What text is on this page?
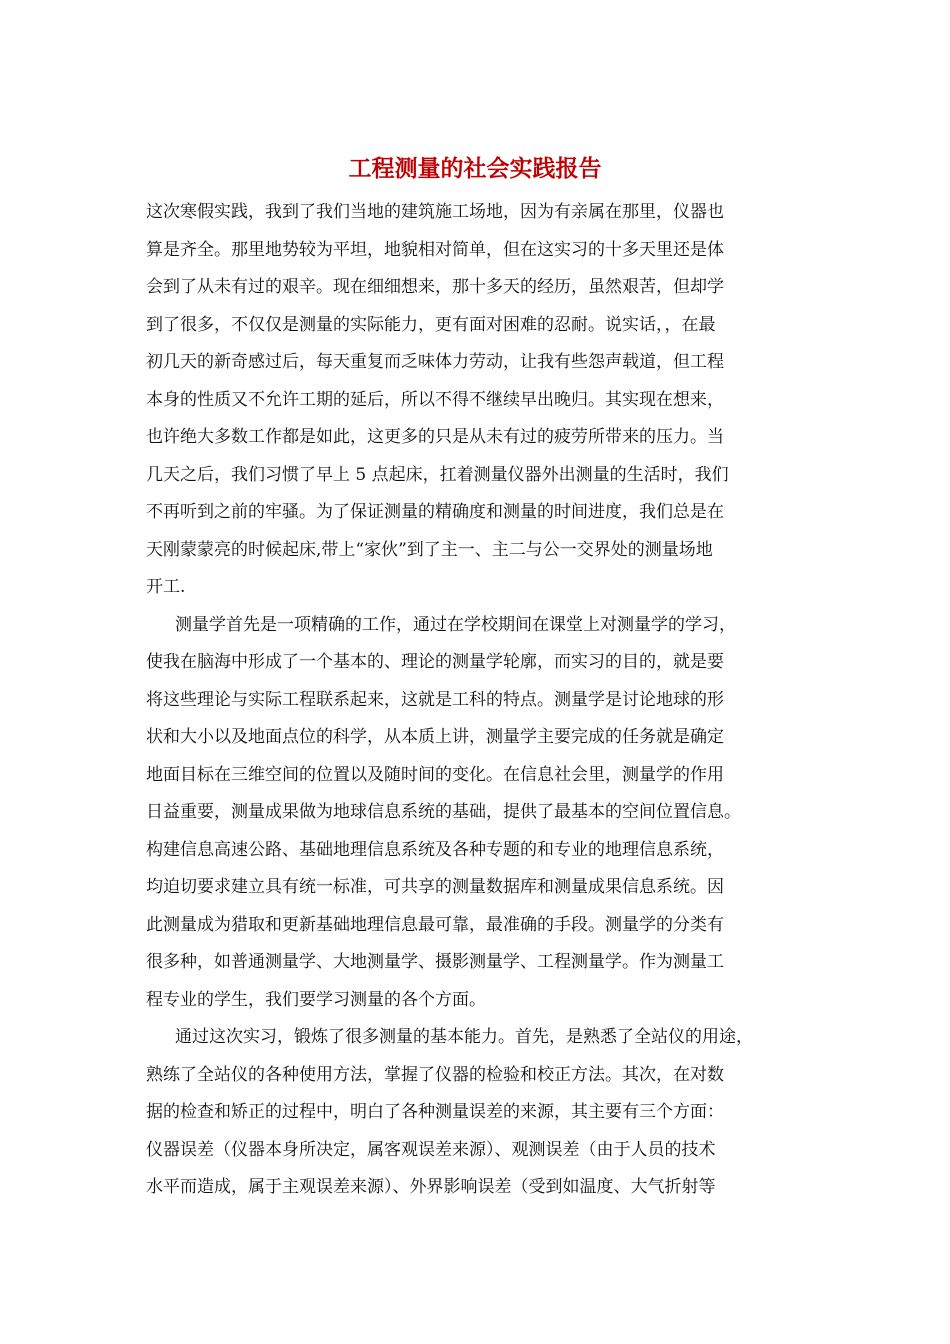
工程测量的社会实践报告
这次寒假实践，我到了我们当地的建筑施工场地，因为有亲属在那里，仪器也
算是齐全。那里地势较为平坦，地貌相对简单，但在这实习的十多天里还是体
会到了从未有过的艰辛。现在细细想来，那十多天的经历，虽然艰苦，但却学
到了很多，不仅仅是测量的实际能力，更有面对困难的忍耐。说实话，，在最
初几天的新奇感过后，每天重复而乏味体力劳动，让我有些怨声载道，但工程
本身的性质又不允许工期的延后，所以不得不继续早出晚归。其实现在想来，
也许绝大多数工作都是如此，这更多的只是从未有过的疲劳所带来的压力。当
几天之后，我们习惯了早上 5 点起床，扛着测量仪器外出测量的生活时，我们
不再听到之前的牢骚。为了保证测量的精确度和测量的时间进度，我们总是在
天刚蒙蒙亮的时候起床,带上“家伙”到了主一、主二与公一交界处的测量场地
开工.
测量学首先是一项精确的工作，通过在学校期间在课堂上对测量学的学习，
使我在脑海中形成了一个基本的、理论的测量学轮廓，而实习的目的，就是要
将这些理论与实际工程联系起来，这就是工科的特点。测量学是讨论地球的形
状和大小以及地面点位的科学，从本质上讲，测量学主要完成的任务就是确定
地面目标在三维空间的位置以及随时间的变化。在信息社会里，测量学的作用
日益重要，测量成果做为地球信息系统的基础，提供了最基本的空间位置信息。
构建信息高速公路、基础地理信息系统及各种专题的和专业的地理信息系统，
均迫切要求建立具有统一标准，可共享的测量数据库和测量成果信息系统。因
此测量成为猎取和更新基础地理信息最可靠，最准确的手段。测量学的分类有
很多种，如普通测量学、大地测量学、摄影测量学、工程测量学。作为测量工
程专业的学生，我们要学习测量的各个方面。
通过这次实习，锻炼了很多测量的基本能力。首先，是熟悉了全站仪的用途，
熟练了全站仪的各种使用方法，掌握了仪器的检验和校正方法。其次，在对数
据的检查和矫正的过程中，明白了各种测量误差的来源，其主要有三个方面：
仪器误差（仪器本身所决定，属客观误差来源）、观测误差（由于人员的技术
水平而造成，属于主观误差来源）、外界影响误差（受到如温度、大气折射等
